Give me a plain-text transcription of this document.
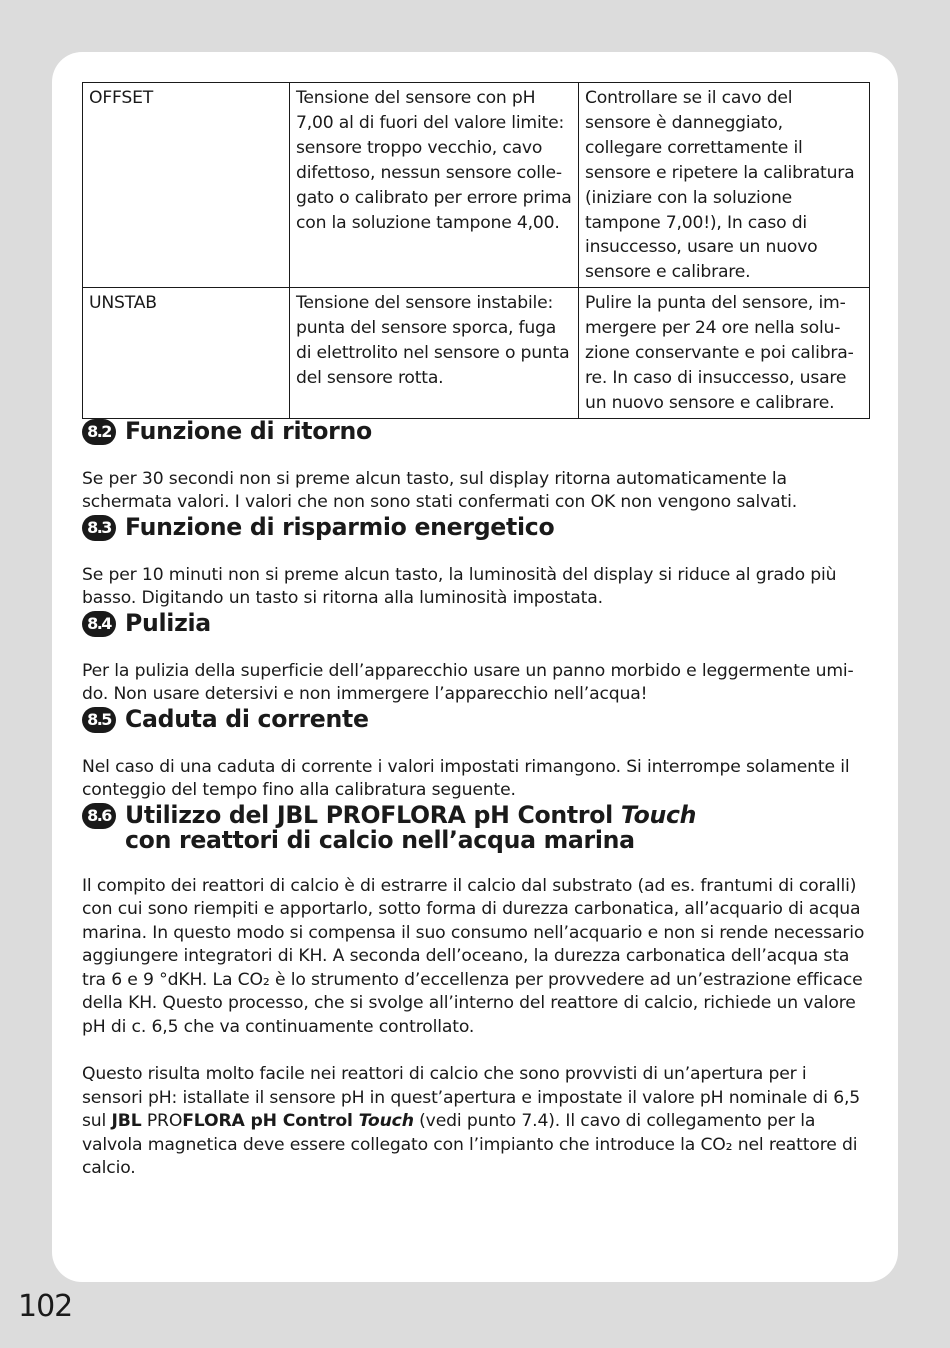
OFFSET	Tensione del sensore con pH 7,00 al di fuori del valore limite: sensore troppo vecchio, cavo difettoso, nessun sensore collegato o calibrato per errore prima con la soluzione tampone 4,00.	Controllare se il cavo del sensore è danneggiato, collegare correttamente il sensore e ripetere la calibratura (iniziare con la soluzione tampone 7,00!), In caso di insuccesso, usare un nuovo sensore e calibrare.
UNSTAB	Tensione del sensore instabile: punta del sensore sporca, fuga di elettrolito nel sensore o punta del sensore rotta.	Pulire la punta del sensore, immergere per 24 ore nella soluzione conservante e poi calibrare. In caso di insuccesso, usare un nuovo sensore e calibrare.
8.2 Funzione di ritorno

Se per 30 secondi non si preme alcun tasto, sul display ritorna automaticamente la schermata valori. I valori che non sono stati confermati con OK non vengono salvati.

8.3 Funzione di risparmio energetico

Se per 10 minuti non si preme alcun tasto, la luminosità del display si riduce al grado più basso. Digitando un tasto si ritorna alla luminosità impostata.

8.4 Pulizia

Per la pulizia della superficie dell’apparecchio usare un panno morbido e leggermente umido. Non usare detersivi e non immergere l’apparecchio nell’acqua!

8.5 Caduta di corrente

Nel caso di una caduta di corrente i valori impostati rimangono. Si interrompe solamente il conteggio del tempo fino alla calibratura seguente.

8.6 Utilizzo del JBL PROFLORA pH Control Touch
con reattori di calcio nell’acqua marina

Il compito dei reattori di calcio è di estrarre il calcio dal substrato (ad es. frantumi di coralli) con cui sono riempiti e apportarlo, sotto forma di durezza carbonatica, all’acquario di acqua marina. In questo modo si compensa il suo consumo nell’acquario e non si rende necessario aggiungere integratori di KH. A seconda dell’oceano, la durezza carbonatica dell’acqua sta tra 6 e 9 °dKH. La CO₂ è lo strumento d’eccellenza per provvedere ad un’estrazione efficace della KH. Questo processo, che si svolge all’interno del reattore di calcio, richiede un valore pH di c. 6,5 che va continuamente controllato.

Questo risulta molto facile nei reattori di calcio che sono provvisti di un’apertura per i sensori pH: istallate il sensore pH in quest’apertura e impostate il valore pH nominale di 6,5 sul JBL PROFLORA pH Control Touch (vedi punto 7.4). Il cavo di collegamento per la valvola magnetica deve essere collegato con l’impianto che introduce la CO₂ nel reattore di calcio.

102
